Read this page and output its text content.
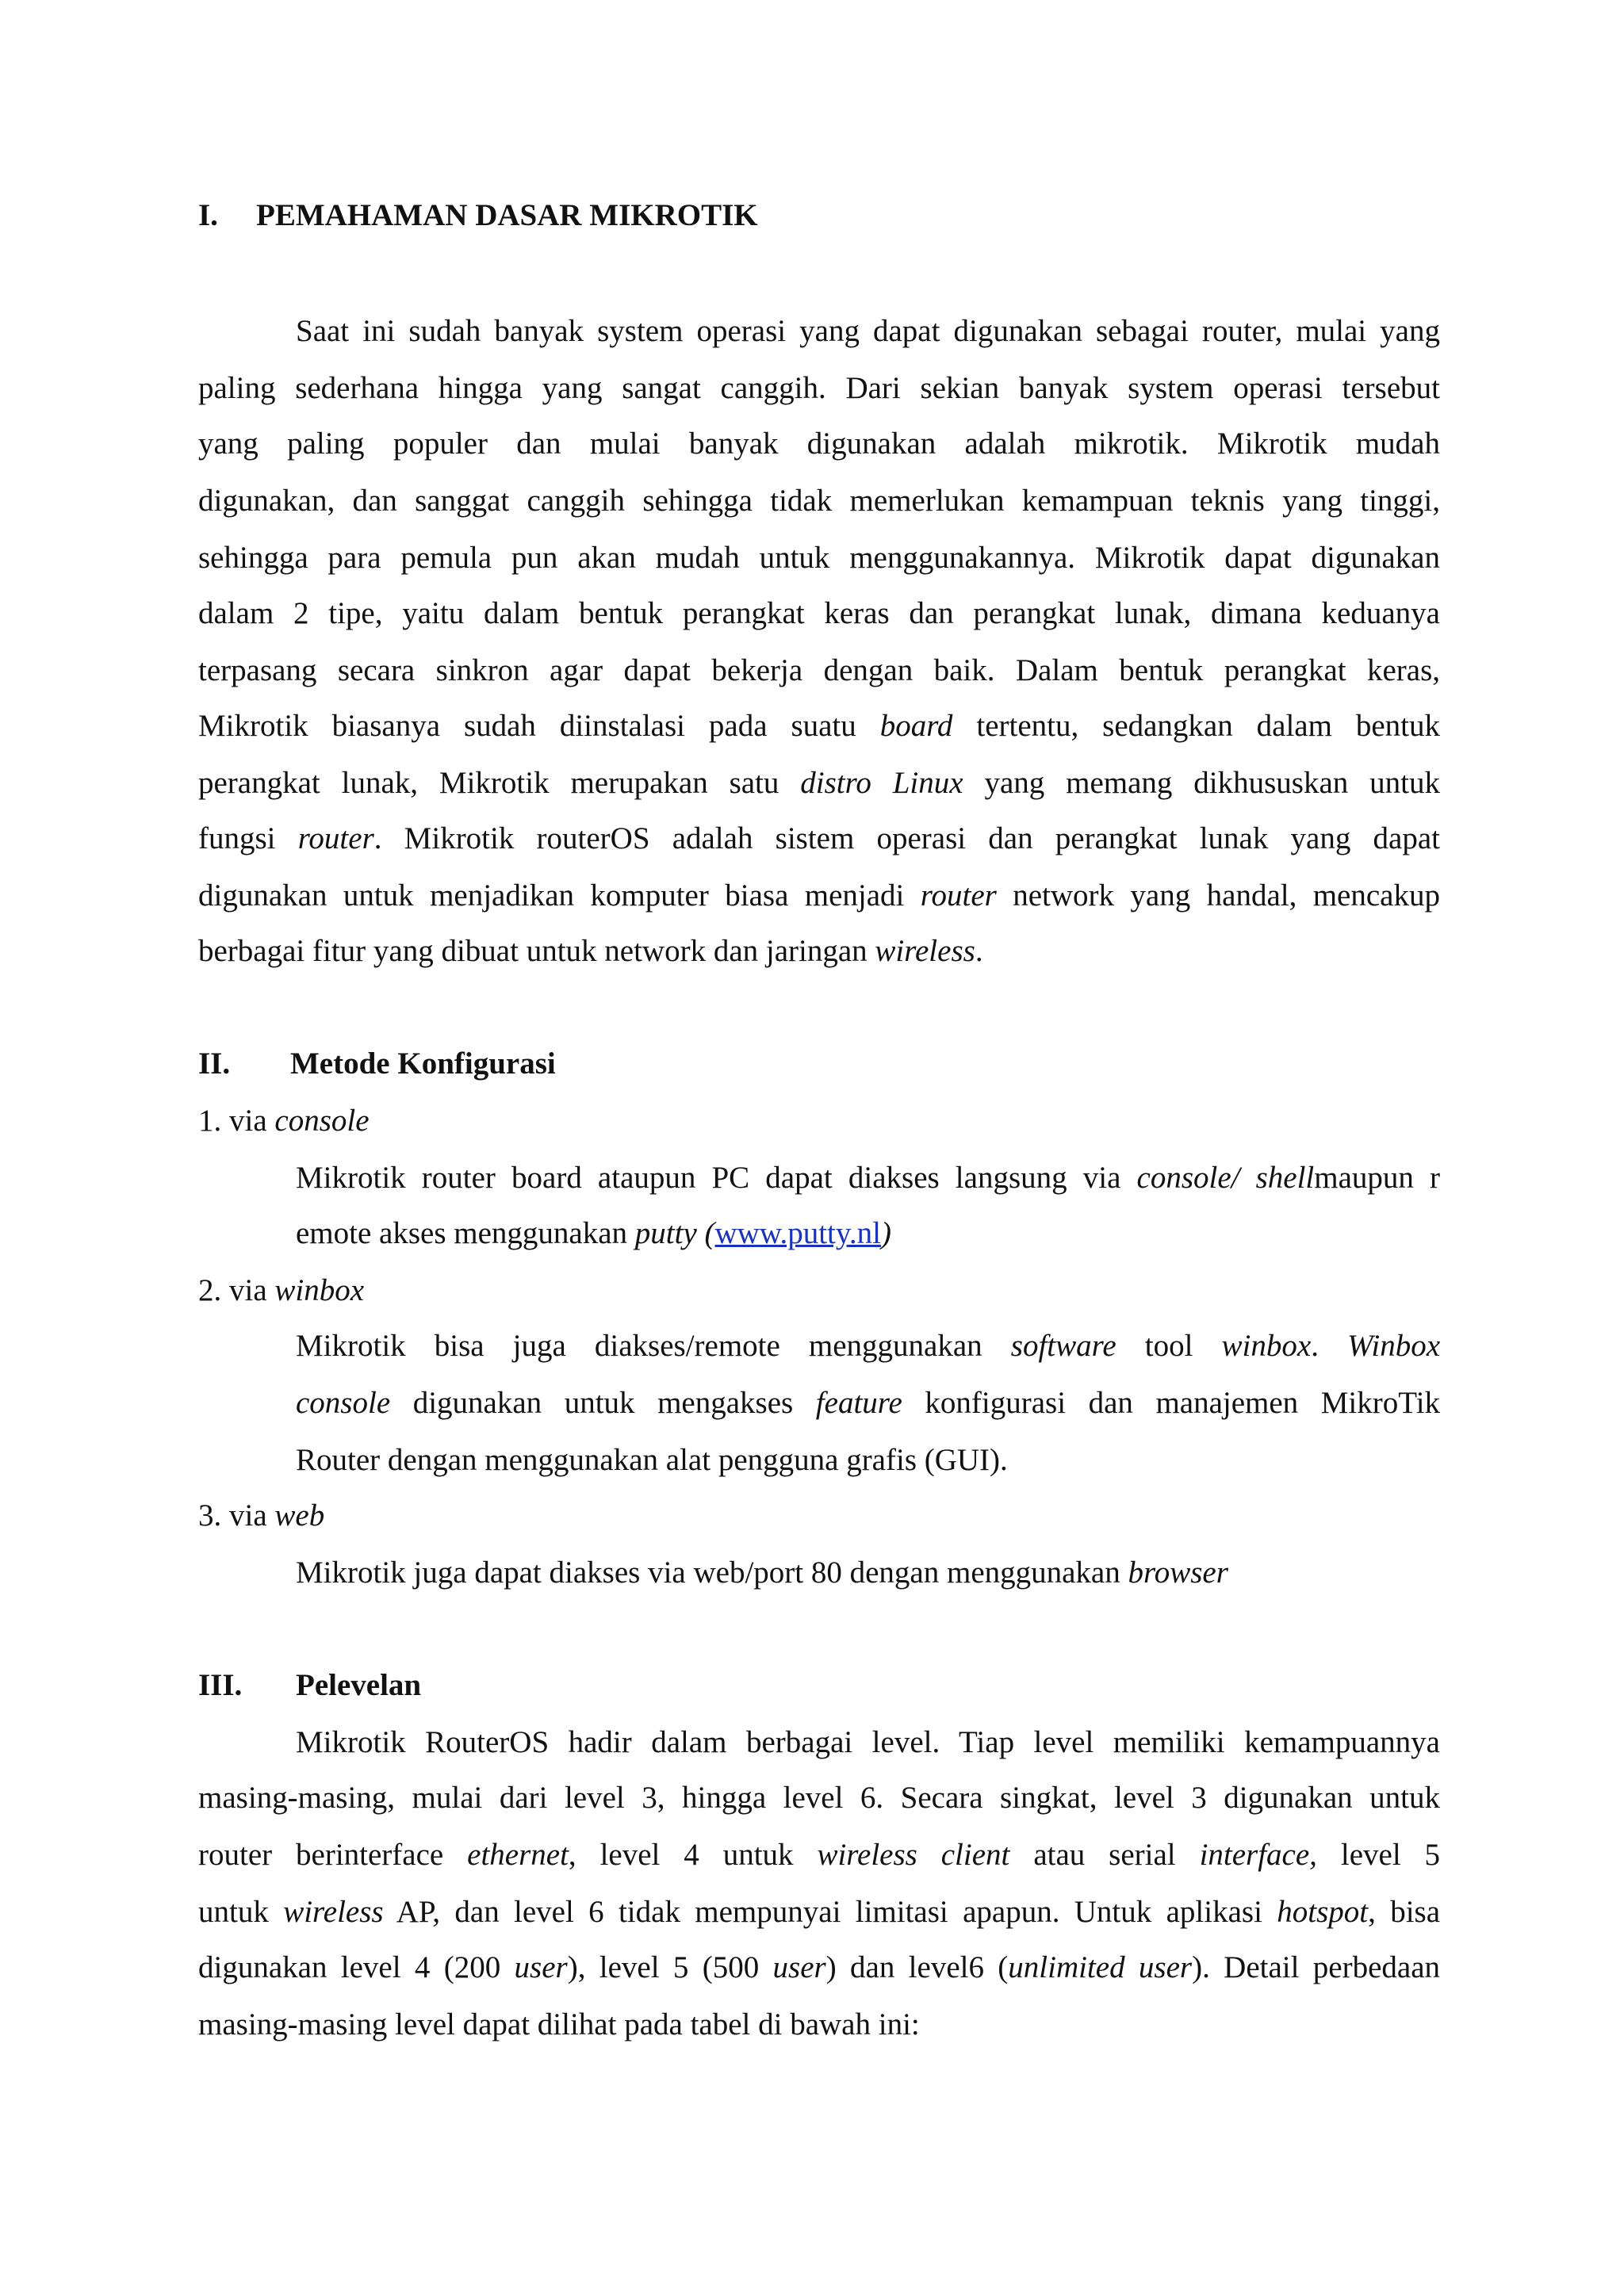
I. PEMAHAMAN DASAR MIKROTIK
Saat ini sudah banyak system operasi yang dapat digunakan sebagai router, mulai yang
paling sederhana hingga yang sangat canggih. Dari sekian banyak system operasi tersebut
yang paling populer dan mulai banyak digunakan adalah mikrotik. Mikrotik mudah
digunakan, dan sanggat canggih sehingga tidak memerlukan kemampuan teknis yang tinggi,
sehingga para pemula pun akan mudah untuk menggunakannya. Mikrotik dapat digunakan
dalam 2 tipe, yaitu dalam bentuk perangkat keras dan perangkat lunak, dimana keduanya
terpasang secara sinkron agar dapat bekerja dengan baik. Dalam bentuk perangkat keras,
Mikrotik biasanya sudah diinstalasi pada suatu board tertentu, sedangkan dalam bentuk
perangkat lunak, Mikrotik merupakan satu distro Linux yang memang dikhususkan untuk
fungsi router. Mikrotik routerOS adalah sistem operasi dan perangkat lunak yang dapat
digunakan untuk menjadikan komputer biasa menjadi router network yang handal, mencakup
berbagai fitur yang dibuat untuk network dan jaringan wireless.
II. Metode Konfigurasi
1. via console
Mikrotik router board ataupun PC dapat diakses langsung via console/ shellmaupun r
emote akses menggunakan putty (www.putty.nl)
2. via winbox
Mikrotik bisa juga diakses/remote menggunakan software tool winbox. Winbox
console digunakan untuk mengakses feature konfigurasi dan manajemen MikroTik
Router dengan menggunakan alat pengguna grafis (GUI).
3. via web
Mikrotik juga dapat diakses via web/port 80 dengan menggunakan browser
III. Pelevelan
Mikrotik RouterOS hadir dalam berbagai level. Tiap level memiliki kemampuannya
masing-masing, mulai dari level 3, hingga level 6. Secara singkat, level 3 digunakan untuk
router berinterface ethernet, level 4 untuk wireless client atau serial interface, level 5
untuk wireless AP, dan level 6 tidak mempunyai limitasi apapun. Untuk aplikasi hotspot, bisa
digunakan level 4 (200 user), level 5 (500 user) dan level6 (unlimited user). Detail perbedaan
masing-masing level dapat dilihat pada tabel di bawah ini:
